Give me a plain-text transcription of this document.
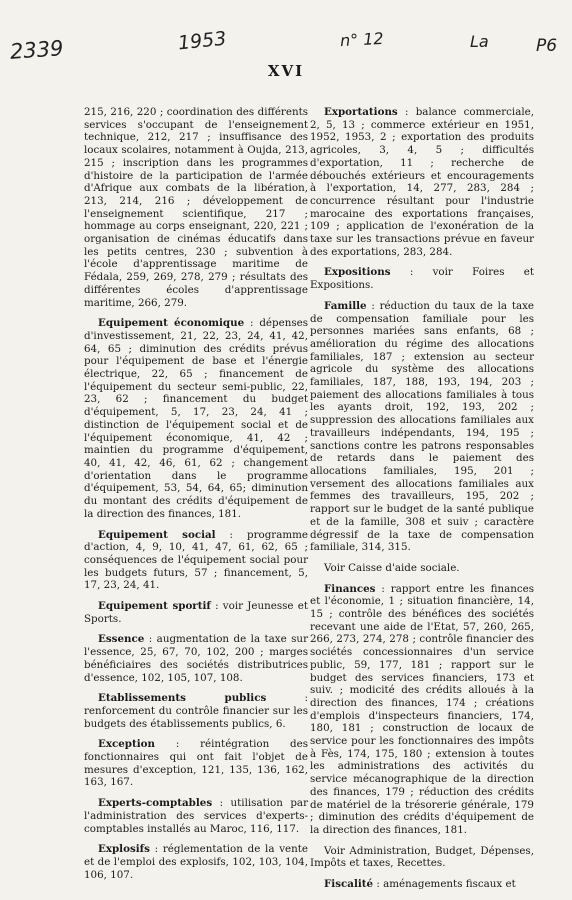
2339	1953	n° 12	La	P6
XVI

215, 216, 220 ; coordination des différents services s'occupant de l'enseignement technique, 212, 217 ; insuffisance des locaux scolaires, notamment à Oujda, 213, 215 ; inscription dans les programmes d'histoire de la participation de l'armée d'Afrique aux combats de la libération, 213, 214, 216 ; développement de l'enseignement scientifique, 217 ; hommage au corps enseignant, 220, 221 ; organisation de cinémas éducatifs dans les petits centres, 230 ; subvention à l'école d'apprentissage maritime de Fédala, 259, 269, 278, 279 ; résultats des différentes écoles d'apprentissage maritime, 266, 279.

Equipement économique : dépenses d'investissement, 21, 22, 23, 24, 41, 42, 64, 65 ; diminution des crédits prévus pour l'équipement de base et l'énergie électrique, 22, 65 ; financement de l'équipement du secteur semi-public, 22, 23, 62 ; financement du budget d'équipement, 5, 17, 23, 24, 41 ; distinction de l'équipement social et de l'équipement économique, 41, 42 ; maintien du programme d'équipement, 40, 41, 42, 46, 61, 62 ; changement d'orientation dans le programme d'équipement, 53, 54, 64, 65; diminution du montant des crédits d'équipement de la direction des finances, 181.

Equipement social : programme d'action, 4, 9, 10, 41, 47, 61, 62, 65 ; conséquences de l'équipement social pour les budgets futurs, 57 ; financement, 5, 17, 23, 24, 41.

Equipement sportif : voir Jeunesse et Sports.

Essence : augmentation de la taxe sur l'essence, 25, 67, 70, 102, 200 ; marges bénéficiaires des sociétés distributrices d'essence, 102, 105, 107, 108.

Etablissements publics : renforcement du contrôle financier sur les budgets des établissements publics, 6.

Exception : réintégration des fonctionnaires qui ont fait l'objet de mesures d'exception, 121, 135, 136, 162, 163, 167.

Experts-comptables : utilisation par l'administration des services d'experts-comptables installés au Maroc, 116, 117.

Explosifs : réglementation de la vente et de l'emploi des explosifs, 102, 103, 104, 106, 107.

Exportations : balance commerciale, 2, 5, 13 ; commerce extérieur en 1951, 1952, 1953, 2 ; exportation des produits agricoles, 3, 4, 5 ; difficultés d'exportation, 11 ; recherche de débouchés extérieurs et encouragements à l'exportation, 14, 277, 283, 284 ; concurrence résultant pour l'industrie marocaine des exportations françaises, 109 ; application de l'exonération de la taxe sur les transactions prévue en faveur des exportations, 283, 284.

Expositions : voir Foires et Expositions.

Famille : réduction du taux de la taxe de compensation familiale pour les personnes mariées sans enfants, 68 ; amélioration du régime des allocations familiales, 187 ; extension au secteur agricole du système des allocations familiales, 187, 188, 193, 194, 203 ; paiement des allocations familiales à tous les ayants droit, 192, 193, 202 ; suppression des allocations familiales aux travailleurs indépendants, 194, 195 ; sanctions contre les patrons responsables de retards dans le paiement des allocations familiales, 195, 201 ; versement des allocations familiales aux femmes des travailleurs, 195, 202 ; rapport sur le budget de la santé publique et de la famille, 308 et suiv ; caractère dégressif de la taxe de compensation familiale, 314, 315.

Voir Caisse d'aide sociale.

Finances : rapport entre les finances et l'économie, 1 ; situation financière, 14, 15 ; contrôle des bénéfices des sociétés recevant une aide de l'Etat, 57, 260, 265, 266, 273, 274, 278 ; contrôle financier des sociétés concessionnaires d'un service public, 59, 177, 181 ; rapport sur le budget des services financiers, 173 et suiv. ; modicité des crédits alloués à la direction des finances, 174 ; créations d'emplois d'inspecteurs financiers, 174, 180, 181 ; construction de locaux de service pour les fonctionnaires des impôts à Fès, 174, 175, 180 ; extension à toutes les administrations des activités du service mécanographique de la direction des finances, 179 ; réduction des crédits de matériel de la trésorerie générale, 179 ; diminution des crédits d'équipement de la direction des finances, 181.

Voir Administration, Budget, Dépenses, Impôts et taxes, Recettes.

Fiscalité : aménagements fiscaux et
